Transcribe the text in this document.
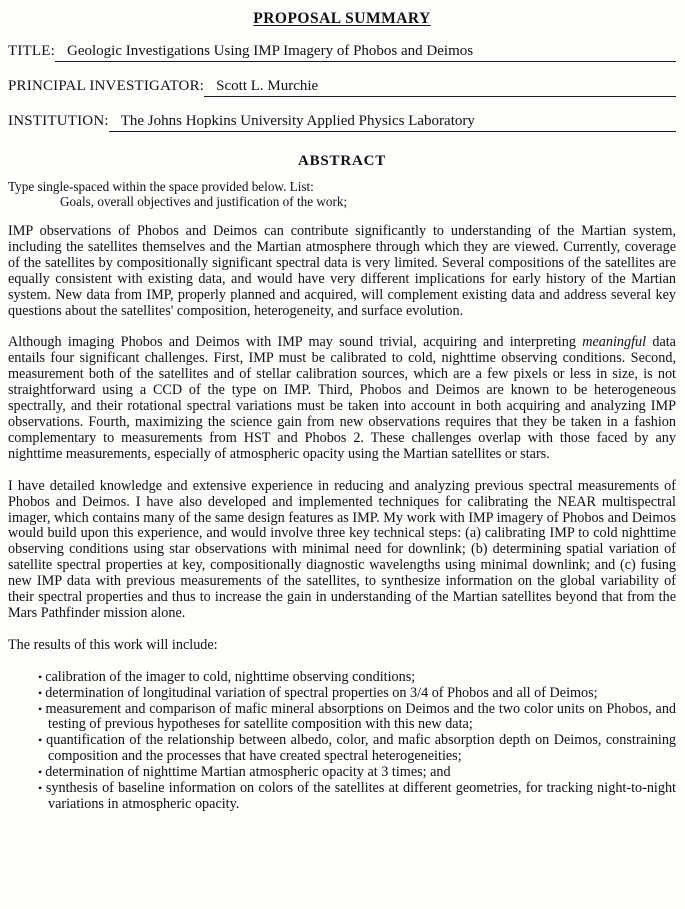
PROPOSAL SUMMARY
TITLE: Geologic Investigations Using IMP Imagery of Phobos and Deimos
PRINCIPAL INVESTIGATOR: Scott L. Murchie
INSTITUTION: The Johns Hopkins University Applied Physics Laboratory
ABSTRACT
Type single-spaced within the space provided below. List:
Goals, overall objectives and justification of the work;

IMP observations of Phobos and Deimos can contribute significantly to understanding of the Martian system, including the satellites themselves and the Martian atmosphere through which they are viewed. Currently, coverage of the satellites by compositionally significant spectral data is very limited. Several compositions of the satellites are equally consistent with existing data, and would have very different implications for early history of the Martian system. New data from IMP, properly planned and acquired, will complement existing data and address several key questions about the satellites' composition, heterogeneity, and surface evolution.

Although imaging Phobos and Deimos with IMP may sound trivial, acquiring and interpreting meaningful data entails four significant challenges. First, IMP must be calibrated to cold, nighttime observing conditions. Second, measurement both of the satellites and of stellar calibration sources, which are a few pixels or less in size, is not straightforward using a CCD of the type on IMP. Third, Phobos and Deimos are known to be heterogeneous spectrally, and their rotational spectral variations must be taken into account in both acquiring and analyzing IMP observations. Fourth, maximizing the science gain from new observations requires that they be taken in a fashion complementary to measurements from HST and Phobos 2. These challenges overlap with those faced by any nighttime measurements, especially of atmospheric opacity using the Martian satellites or stars.

I have detailed knowledge and extensive experience in reducing and analyzing previous spectral measurements of Phobos and Deimos. I have also developed and implemented techniques for calibrating the NEAR multispectral imager, which contains many of the same design features as IMP. My work with IMP imagery of Phobos and Deimos would build upon this experience, and would involve three key technical steps: (a) calibrating IMP to cold nighttime observing conditions using star observations with minimal need for downlink; (b) determining spatial variation of satellite spectral properties at key, compositionally diagnostic wavelengths using minimal downlink; and (c) fusing new IMP data with previous measurements of the satellites, to synthesize information on the global variability of their spectral properties and thus to increase the gain in understanding of the Martian satellites beyond that from the Mars Pathfinder mission alone.

The results of this work will include:

• calibration of the imager to cold, nighttime observing conditions;
• determination of longitudinal variation of spectral properties on 3/4 of Phobos and all of Deimos;
• measurement and comparison of mafic mineral absorptions on Deimos and the two color units on Phobos, and testing of previous hypotheses for satellite composition with this new data;
• quantification of the relationship between albedo, color, and mafic absorption depth on Deimos, constraining composition and the processes that have created spectral heterogeneities;
• determination of nighttime Martian atmospheric opacity at 3 times; and
• synthesis of baseline information on colors of the satellites at different geometries, for tracking night-to-night variations in atmospheric opacity.
